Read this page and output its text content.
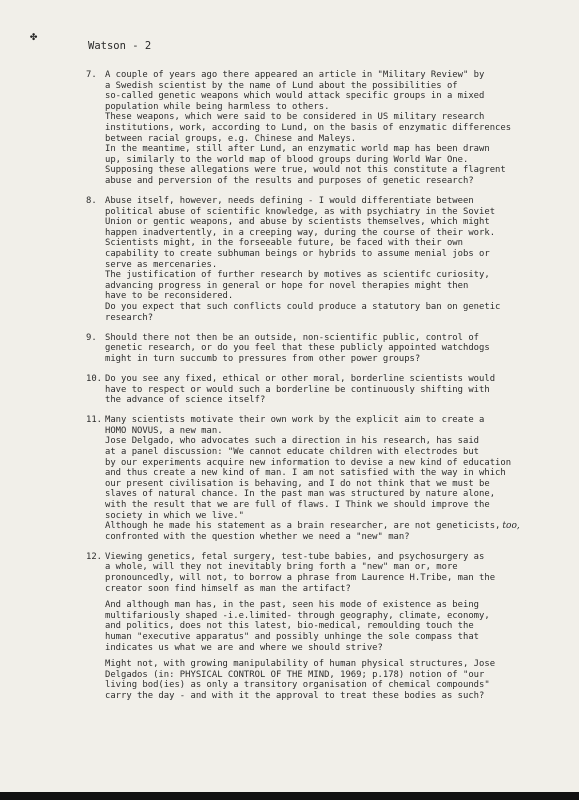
✤
Watson - 2
7. A couple of years ago there appeared an article in "Military Review" by
a Swedish scientist by the name of Lund about the possibilities of
so-called genetic weapons which would attack specific groups in a mixed
population while being harmless to others.
These weapons, which were said to be considered in US military research
institutions, work, according to Lund, on the basis of enzymatic differences
between racial groups, e.g. Chinese and Maleys.
In the meantime, still after Lund, an enzymatic world map has been drawn
up, similarly to the world map of blood groups during World War One.
Supposing these allegations were true, would not this constitute a flagrent
abuse and perversion of the results and purposes of genetic research?
8. Abuse itself, however, needs defining - I would differentiate between
political abuse of scientific knowledge, as with psychiatry in the Soviet
Union or gentic weapons, and abuse by scientists themselves, which might
happen inadvertently, in a creeping way, during the course of their work.
Scientists might, in the forseeable future, be faced with their own
capability to create subhuman beings or hybrids to assume menial jobs or
serve as mercenaries.
The justification of further research by motives as scientifc curiosity,
advancing progress in general or hope for novel therapies might then
have to be reconsidered.
Do you expect that such conflicts could produce a statutory ban on genetic
research?
9. Should there not then be an outside, non-scientific public, control of
genetic research, or do you feel that these publicly appointed watchdogs
might in turn succumb to pressures from other power groups?
10. Do you see any fixed, ethical or other moral, borderline scientists would
have to respect or would such a borderline be continuously shifting with
the advance of science itself?
11. Many scientists motivate their own work by the explicit aim to create a
HOMO NOVUS, a new man.
Jose Delgado, who advocates such a direction in his research, has said
at a panel discussion: "We cannot educate children with electrodes but
by our experiments acquire new information to devise a new kind of education
and thus create a new kind of man. I am not satisfied with the way in which
our present civilisation is behaving, and I do not think that we must be
slaves of natural chance. In the past man was structured by nature alone,
with the result that we are full of flaws. I Think we should improve the
society in which we live."
Although he made his statement as a brain researcher, are not geneticists, too,
confronted with the question whether we need a "new" man?
12. Viewing genetics, fetal surgery, test-tube babies, and psychosurgery as
a whole, will they not inevitably bring forth a "new" man or, more
pronouncedly, will not, to borrow a phrase from Laurence H.Tribe, man the
creator soon find himself as man the artifact?
And although man has, in the past, seen his mode of existence as being
multifariously shaped -i.e.limited- through geography, climate, economy,
and politics, does not this latest, bio-medical, remoulding touch the
human "executive apparatus" and possibly unhinge the sole compass that
indicates us what we are and where we should strive?
Might not, with growing manipulability of human physical structures, Jose
Delgados (in: PHYSICAL CONTROL OF THE MIND, 1969; p.178) notion of "our
living bod(ies) as only a transitory organisation of chemical compounds"
carry the day - and with it the approval to treat these bodies as such?
